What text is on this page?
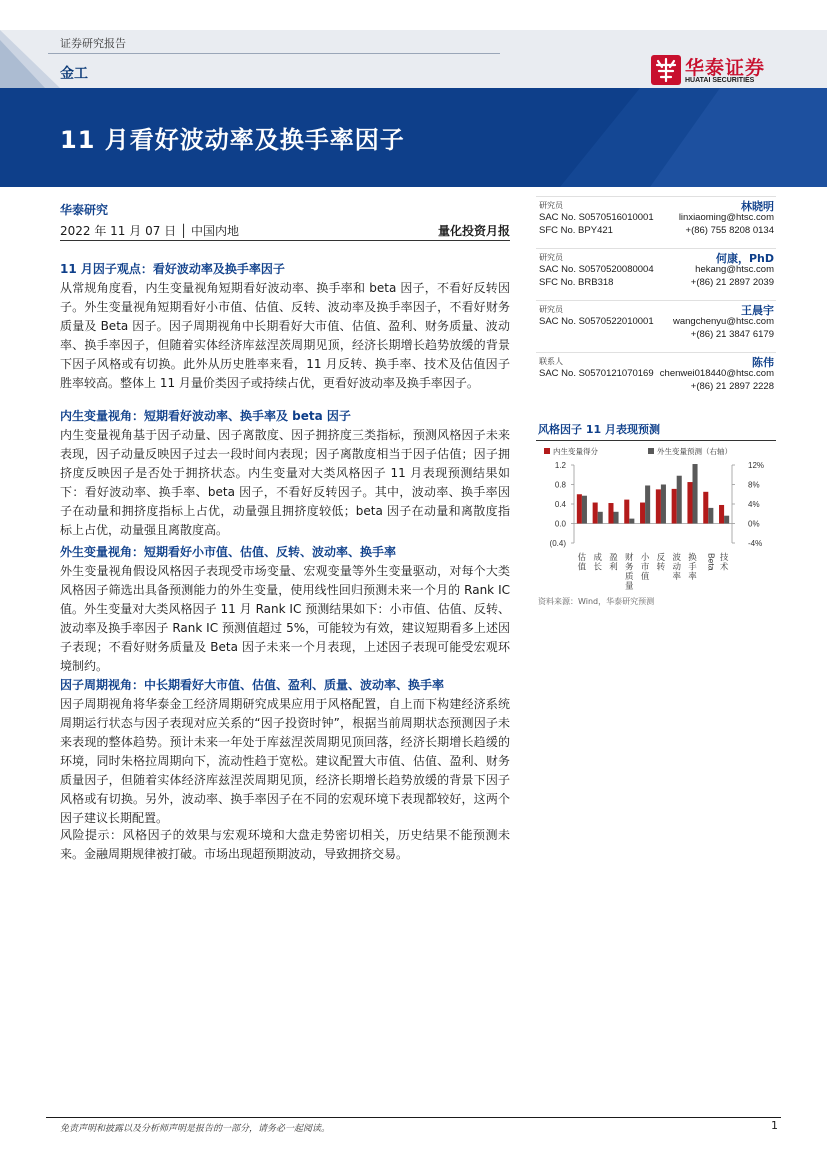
证券研究报告
金工	华泰证券
HUATAI SECURITIES
11 月看好波动率及换手率因子
华泰研究
2022 年 11 月 07 日 │ 中国内地	量化投资月报
11 月因子观点：看好波动率及换手率因子

从常规角度看，内生变量视角短期看好波动率、换手率和 beta 因子，不看好反转因子。外生变量视角短期看好小市值、估值、反转、波动率及换手率因子，不看好财务质量及 Beta 因子。因子周期视角中长期看好大市值、估值、盈利、财务质量、波动率、换手率因子，但随着实体经济库兹涅茨周期见顶，经济长期增长趋势放缓的背景下因子风格或有切换。此外从历史胜率来看，11 月反转、换手率、技术及估值因子胜率较高。整体上 11 月量价类因子或持续占优，更看好波动率及换手率因子。

内生变量视角：短期看好波动率、换手率及 beta 因子

内生变量视角基于因子动量、因子离散度、因子拥挤度三类指标，预测风格因子未来表现，因子动量反映因子过去一段时间内表现；因子离散度相当于因子估值；因子拥挤度反映因子是否处于拥挤状态。内生变量对大类风格因子 11 月表现预测结果如下：看好波动率、换手率、beta 因子，不看好反转因子。其中，波动率、换手率因子在动量和拥挤度指标上占优，动量强且拥挤度较低；beta 因子在动量和离散度指标上占优，动量强且离散度高。

外生变量视角：短期看好小市值、估值、反转、波动率、换手率

外生变量视角假设风格因子表现受市场变量、宏观变量等外生变量驱动，对每个大类风格因子筛选出具备预测能力的外生变量，使用线性回归预测未来一个月的 Rank IC 值。外生变量对大类风格因子 11 月 Rank IC 预测结果如下：小市值、估值、反转、波动率及换手率因子 Rank IC 预测值超过 5%，可能较为有效，建议短期看多上述因子表现；不看好财务质量及 Beta 因子未来一个月表现，上述因子表现可能受宏观环境制约。

因子周期视角：中长期看好大市值、估值、盈利、质量、波动率、换手率

因子周期视角将华泰金工经济周期研究成果应用于风格配置，自上而下构建经济系统周期运行状态与因子表现对应关系的“因子投资时钟”，根据当前周期状态预测因子未来表现的整体趋势。预计未来一年处于库兹涅茨周期见顶回落，经济长期增长趋缓的环境，同时朱格拉周期向下，流动性趋于宽松。建议配置大市值、估值、盈利、财务质量因子，但随着实体经济库兹涅茨周期见顶，经济长期增长趋势放缓的背景下因子风格或有切换。另外，波动率、换手率因子在不同的宏观环境下表现都较好，这两个因子建议长期配置。

风险提示：风格因子的效果与宏观环境和大盘走势密切相关，历史结果不能预测未来。金融周期规律被打破。市场出现超预期波动，导致拥挤交易。

研究员	林晓明
SAC No. S0570516010001
SFC No. BPY421
linxiaoming@htsc.com
+(86) 755 8208 0134
研究员	何康，PhD
SAC No. S0570520080004
SFC No. BRB318
hekang@htsc.com
+(86) 21 2897 2039
研究员	王晨宇
SAC No. S0570522010001 wangchenyu@htsc.com
+(86) 21 3847 6179
联系人	陈伟
SAC No. S0570121070169 chenwei018440@htsc.com
+(86) 21 2897 2228
风格因子 11 月表现预测
内生变量得分	外生变量预测（右轴）
1.2
0.8
0.4
0.0
(0.4)
12%
8%
4%
0%
-4%
估值
成长
盈利
财务质量
小市值
反转
波动率
换手率
Beta 技术
资料来源：Wind，华泰研究预测
免责声明和披露以及分析师声明是报告的一部分，请务必一起阅读。	1
